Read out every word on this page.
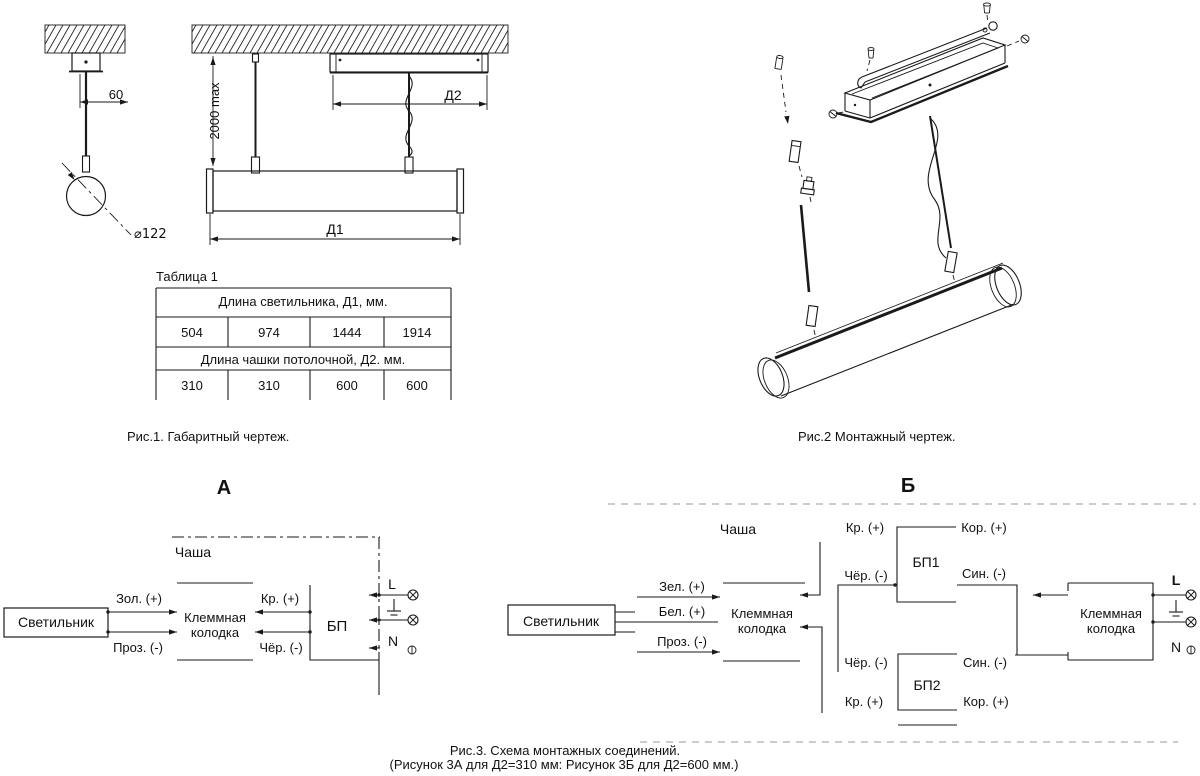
60
⌀122
2000 max	Д2
Д1
Рис.1. Габаритный чертеж.
Таблица 1
Длина светильника, Д1, мм.
504	974	1444	1914
Длина чашки потолочной, Д2. мм.
310	310	600	600
Рис.2 Монтажный чертеж.
А
Чаша
Светильник
Зол. (+)
Проз. (-)
Клеммная
колодка
Кр. (+)
Чёр. (-)
БП
L
N
Б
Чаша
Светильник
Зел. (+)
Бел. (+)
Проз. (-)
Клеммная
колодка
БП1
Кр. (+)	Кор. (+)
Чёр. (-)	Син. (-)
БП2
Чёр. (-)	Син. (-)
Кр. (+)	Кор. (+)
Клеммная
колодка
L
N
Рис.3. Схема монтажных соединений.
(Рисунок 3А для Д2=310 мм: Рисунок 3Б для Д2=600 мм.)
